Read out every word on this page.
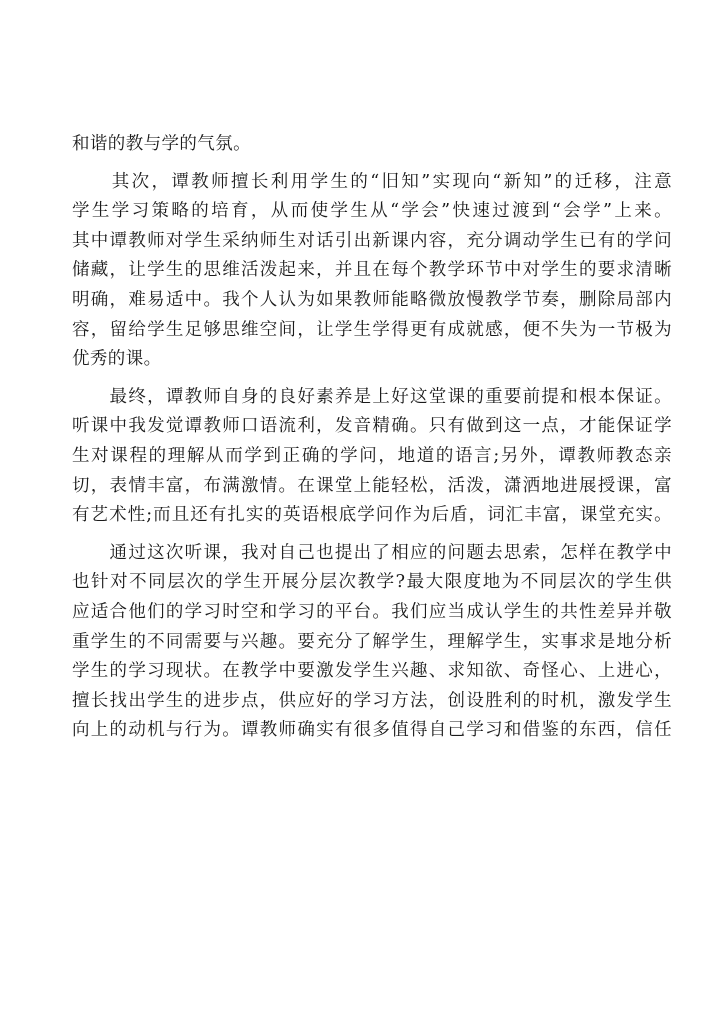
和谐的教与学的气氛。
　　其次，谭教师擅长利用学生的“旧知”实现向“新知”的迁移，注意
学生学习策略的培育，从而使学生从“学会”快速过渡到“会学”上来。
其中谭教师对学生采纳师生对话引出新课内容，充分调动学生已有的学问
储藏，让学生的思维活泼起来，并且在每个教学环节中对学生的要求清晰
明确，难易适中。我个人认为如果教师能略微放慢教学节奏，删除局部内
容，留给学生足够思维空间，让学生学得更有成就感，便不失为一节极为
优秀的课。
　　最终，谭教师自身的良好素养是上好这堂课的重要前提和根本保证。
听课中我发觉谭教师口语流利，发音精确。只有做到这一点，才能保证学
生对课程的理解从而学到正确的学问，地道的语言;另外，谭教师教态亲
切，表情丰富，布满激情。在课堂上能轻松，活泼，潇洒地进展授课，富
有艺术性;而且还有扎实的英语根底学问作为后盾，词汇丰富，课堂充实。
　　通过这次听课，我对自己也提出了相应的问题去思索，怎样在教学中
也针对不同层次的学生开展分层次教学?最大限度地为不同层次的学生供
应适合他们的学习时空和学习的平台。我们应当成认学生的共性差异并敬
重学生的不同需要与兴趣。要充分了解学生，理解学生，实事求是地分析
学生的学习现状。在教学中要激发学生兴趣、求知欲、奇怪心、上进心，
擅长找出学生的进步点，供应好的学习方法，创设胜利的时机，激发学生
向上的动机与行为。谭教师确实有很多值得自己学习和借鉴的东西，信任
